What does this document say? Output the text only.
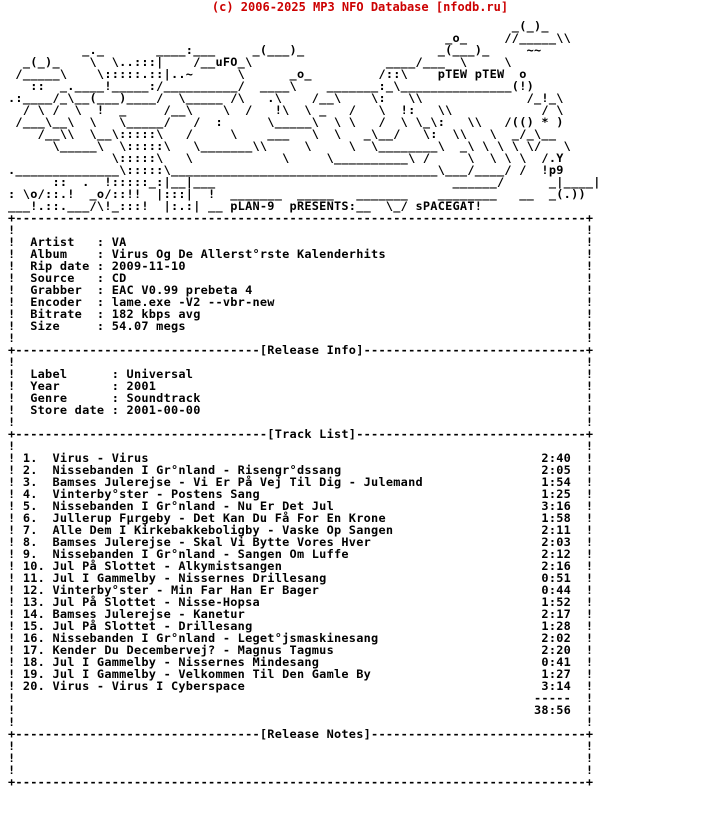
(c) 2006-2025 MP3 NFO Database [nfodb.ru]
_(_)_
_o_     //_____\\
_._       ____:___     _(___)_                  _(___)_     ~~
_(_)_    \  \..:::|    /__uFO_\                  ____/___  \     \
/_____\    \:::::.::|..~      \      _o_         /::\    pTEW pTEW  o
::  _.____!_____:/__________/  ____\    _______:_\_______________(!)
.:____/_\__(___)____/  \_____ /\   .\    /__\    \:   \\              /_!_\
/ \ /  \  !  _     /__\    \  /   !\  \ _   /   \  !:   \\            / \
/___\__\  \   \_____/   /  :      \_____\  \ \   /  \ \_\:   \\   /(() * )
/__\\  \__\:::::\   /     \    ___   \  \   _\__/   \:  \\   \  _/_\__
\_____\  \:::::\   \_______\\     \     \  \________\  _\ \ \ \ \/   \
\:::::\   \            \     \__________\ /     \  \ \ \  /.Y
.______________\:::::\____________________________________\___/____/ /  !p9
::  .  !:::::_:|__|___                                ______/      _|____|
: \o/::.!  _o/::!!  |:::|  !  _______  _____   _______    ________   __  _(.))
___!.::.___/\!_:::!  |:.:| __ pLAN-9  pRESENTS:__  \_/ sPACEGAT!
+-----------------------------------------------------------------------------+
!                                                                             !
!  Artist   : VA                                                              !
!  Album    : Virus Og De Allerst°rste Kalenderhits                           !
!  Rip date : 2009-11-10                                                      !
!  Source   : CD                                                              !
!  Grabber  : EAC V0.99 prebeta 4                                             !
!  Encoder  : lame.exe -V2 --vbr-new                                          !
!  Bitrate  : 182 kbps avg                                                    !
!  Size     : 54.07 megs                                                      !
!                                                                             !
+---------------------------------[Release Info]------------------------------+
!                                                                             !
!  Label      : Universal                                                     !
!  Year       : 2001                                                          !
!  Genre      : Soundtrack                                                    !
!  Store date : 2001-00-00                                                    !
!                                                                             !
+----------------------------------[Track List]-------------------------------+
!                                                                             !
! 1.  Virus - Virus                                                     2:40  !
! 2.  Nissebanden I Gr°nland - Risengr°dssang                           2:05  !
! 3.  Bamses Julerejse - Vi Er På Vej Til Dig - Julemand                1:54  !
! 4.  Vinterby°ster - Postens Sang                                      1:25  !
! 5.  Nissebanden I Gr°nland - Nu Er Det Jul                            3:16  !
! 6.  Jullerup Fµrgeby - Det Kan Du Få For En Krone                     1:58  !
! 7.  Alle Dem I Kirkebakkeboligby - Vaske Op Sangen                    2:11  !
! 8.  Bamses Julerejse - Skal Vi Bytte Vores Hver                       2:03  !
! 9.  Nissebanden I Gr°nland - Sangen Om Luffe                          2:12  !
! 10. Jul På Slottet - Alkymistsangen                                   2:16  !
! 11. Jul I Gammelby - Nissernes Drillesang                             0:51  !
! 12. Vinterby°ster - Min Far Han Er Bager                              0:44  !
! 13. Jul På Slottet - Nisse-Hopsa                                      1:52  !
! 14. Bamses Julerejse - Kanetur                                        2:17  !
! 15. Jul På Slottet - Drillesang                                       1:28  !
! 16. Nissebanden I Gr°nland - Leget°jsmaskinesang                      2:02  !
! 17. Kender Du Decembervej? - Magnus Tagmus                            2:20  !
! 18. Jul I Gammelby - Nissernes Mindesang                              0:41  !
! 19. Jul I Gammelby - Velkommen Til Den Gamle By                       1:27  !
! 20. Virus - Virus I Cyberspace                                        3:14  !
!                                                                      -----  !
!                                                                      38:56  !
!                                                                             !
+---------------------------------[Release Notes]-----------------------------+
!                                                                             !
!                                                                             !
!                                                                             !
+-----------------------------------------------------------------------------+
